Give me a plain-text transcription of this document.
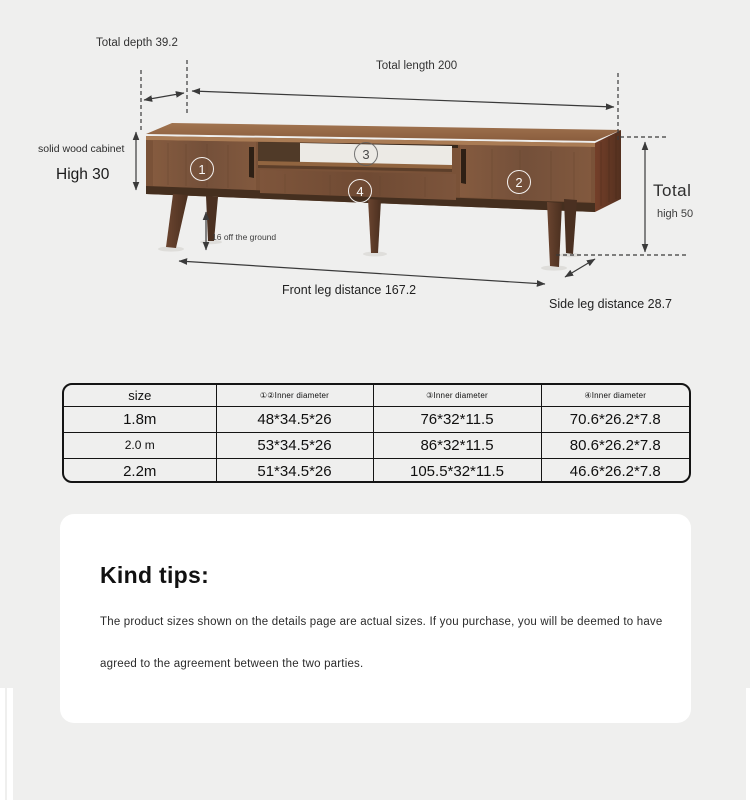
Total depth 39.2
Total length 200
solid wood cabinet
High 30
16 off the ground
Front leg distance 167.2
Side leg distance 28.7
Total
high 50
1
2
3
4
size	①②Inner diameter	③Inner diameter	④Inner diameter
1.8m	48*34.5*26	76*32*11.5	70.6*26.2*7.8
2.0 m	53*34.5*26	86*32*11.5	80.6*26.2*7.8
2.2m	51*34.5*26	105.5*32*11.5	46.6*26.2*7.8
Kind tips:
The product sizes shown on the details page are actual sizes. If you purchase, you will be deemed to have
agreed to the agreement between the two parties.
